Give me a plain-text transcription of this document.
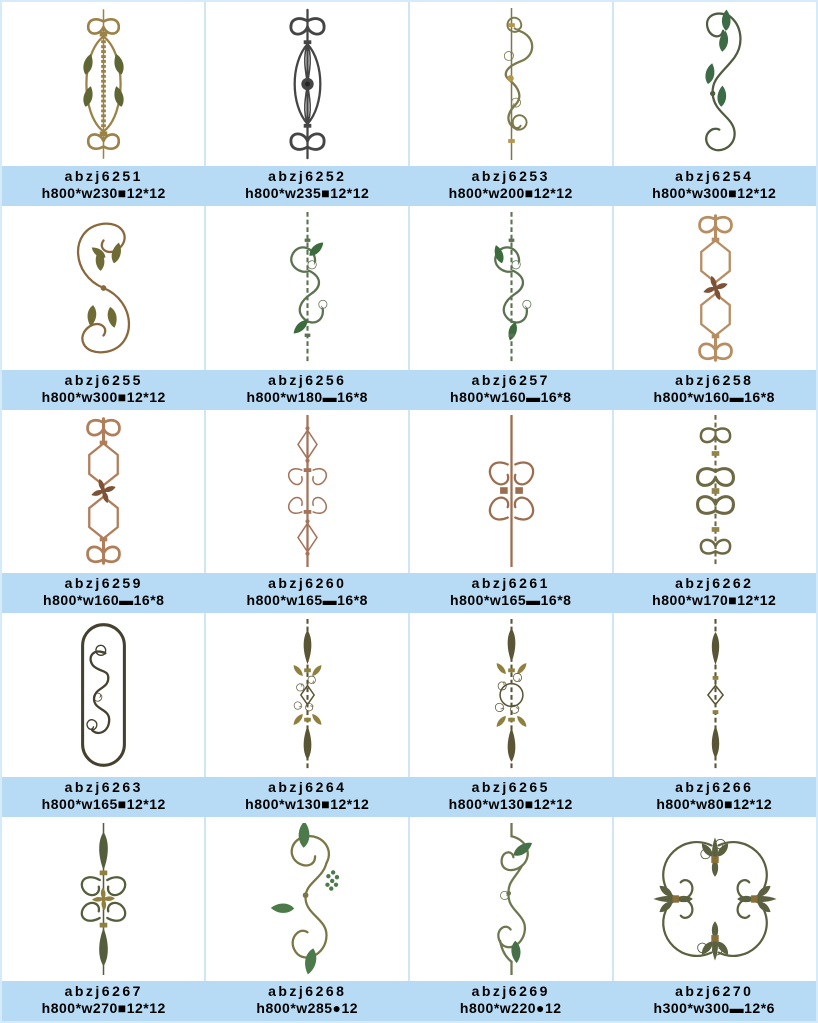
abzj6251
h800*w230■12*12
abzj6252
h800*w235■12*12
abzj6253
h800*w200■12*12
abzj6254
h800*w300■12*12
abzj6255
h800*w300■12*12
abzj6256
h800*w180▬16*8
abzj6257
h800*w160▬16*8
abzj6258
h800*w160▬16*8
abzj6259
h800*w160▬16*8
abzj6260
h800*w165▬16*8
abzj6261
h800*w165▬16*8
abzj6262
h800*w170■12*12
abzj6263
h800*w165■12*12
abzj6264
h800*w130■12*12
abzj6265
h800*w130■12*12
abzj6266
h800*w80■12*12
abzj6267
h800*w270■12*12
abzj6268
h800*w285●12
abzj6269
h800*w220●12
abzj6270
h300*w300▬12*6
